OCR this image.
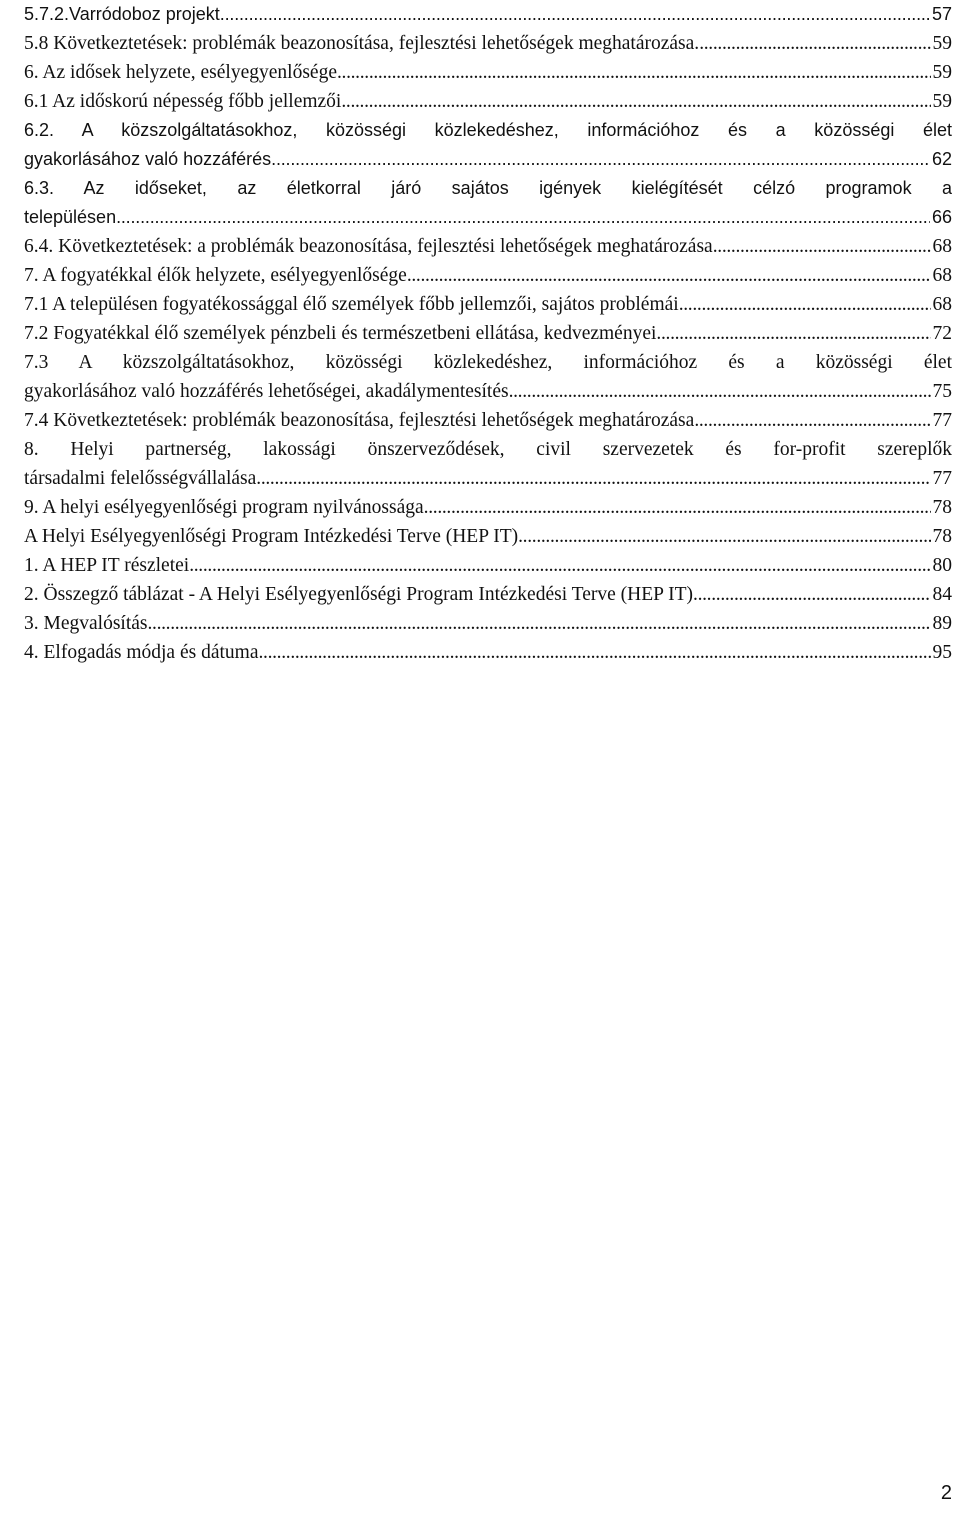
5.7.2.Varródoboz projekt . . .	57
5.8 Következtetések: problémák beazonosítása, fejlesztési lehetőségek meghatározása. . . .	59
6. Az idősek helyzete, esélyegyenlősége . . .	59
6.1 Az időskorú népesség főbb jellemzői . . .	59
6.2. A közszolgáltatásokhoz, közösségi közlekedéshez, információhoz és a közösségi élet
gyakorlásához való hozzáférés . . .	62
6.3. Az időseket, az életkorral járó sajátos igények kielégítését célzó programok a
településen . . .	66
6.4. Következtetések: a problémák beazonosítása, fejlesztési lehetőségek meghatározása . . .	68
7. A fogyatékkal élők helyzete, esélyegyenlősége . . .	68
7.1 A településen fogyatékossággal élő személyek főbb jellemzői, sajátos problémái . . .	68
7.2 Fogyatékkal élő személyek pénzbeli és természetbeni ellátása, kedvezményei . . .	72
7.3 A közszolgáltatásokhoz, közösségi közlekedéshez, információhoz és a közösségi élet
gyakorlásához való hozzáférés lehetőségei, akadálymentesítés . . .	75
7.4 Következtetések: problémák beazonosítása, fejlesztési lehetőségek meghatározása . . .	77
8. Helyi partnerség, lakossági önszerveződések, civil szervezetek és for-profit szereplők
társadalmi felelősségvállalása . . .	77
9. A helyi esélyegyenlőségi program nyilvánossága . . .	78
A Helyi Esélyegyenlőségi Program Intézkedési Terve (HEP IT) . . .	78
1. A HEP IT részletei . . .	80
2. Összegző táblázat - A Helyi Esélyegyenlőségi Program Intézkedési Terve (HEP IT) . . .	84
3. Megvalósítás . . .	89
4. Elfogadás módja és dátuma . . .	95
2
